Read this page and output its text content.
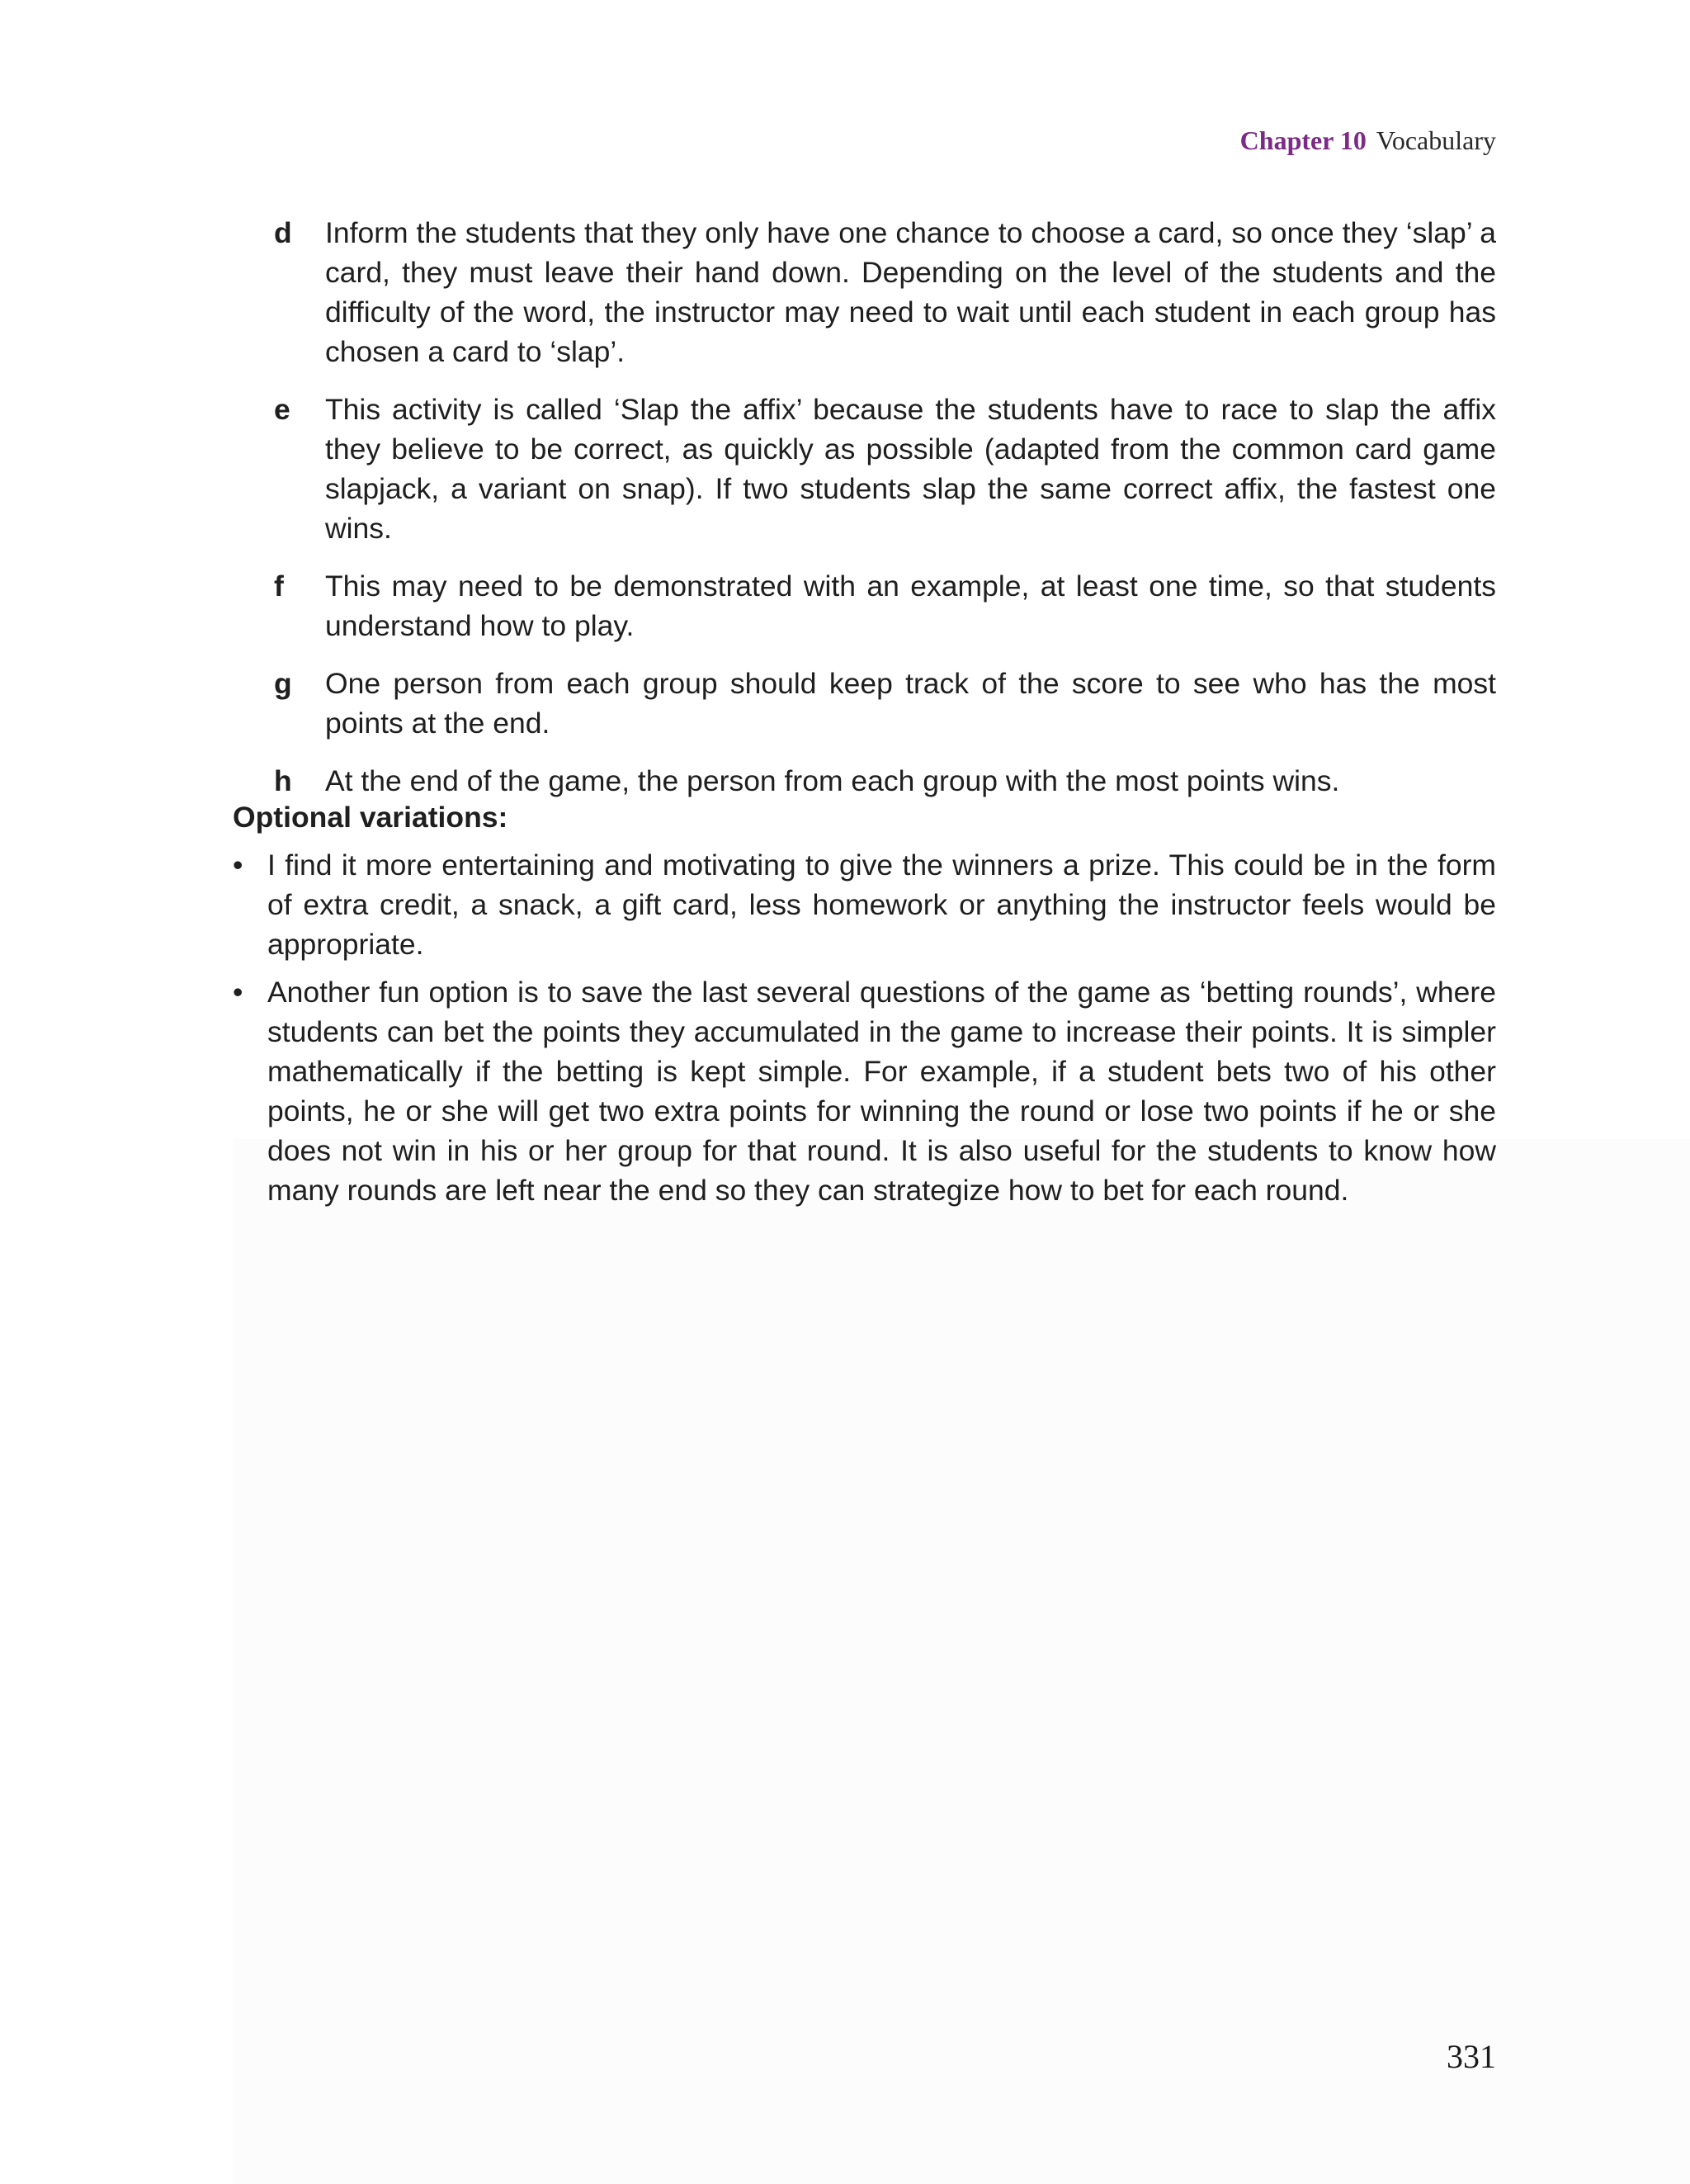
Chapter 10 Vocabulary
d Inform the students that they only have one chance to choose a card, so once they ‘slap’ a card, they must leave their hand down. Depending on the level of the students and the difficulty of the word, the instructor may need to wait until each student in each group has chosen a card to ‘slap’.
e This activity is called ‘Slap the affix’ because the students have to race to slap the affix they believe to be correct, as quickly as possible (adapted from the common card game slapjack, a variant on snap). If two students slap the same correct affix, the fastest one wins.
f This may need to be demonstrated with an example, at least one time, so that students understand how to play.
g One person from each group should keep track of the score to see who has the most points at the end.
h At the end of the game, the person from each group with the most points wins.
Optional variations:
• I find it more entertaining and motivating to give the winners a prize. This could be in the form of extra credit, a snack, a gift card, less homework or anything the instructor feels would be appropriate.
• Another fun option is to save the last several questions of the game as ‘betting rounds’, where students can bet the points they accumulated in the game to increase their points. It is simpler mathematically if the betting is kept simple. For example, if a student bets two of his other points, he or she will get two extra points for winning the round or lose two points if he or she does not win in his or her group for that round. It is also useful for the students to know how many rounds are left near the end so they can strategize how to bet for each round.
331
